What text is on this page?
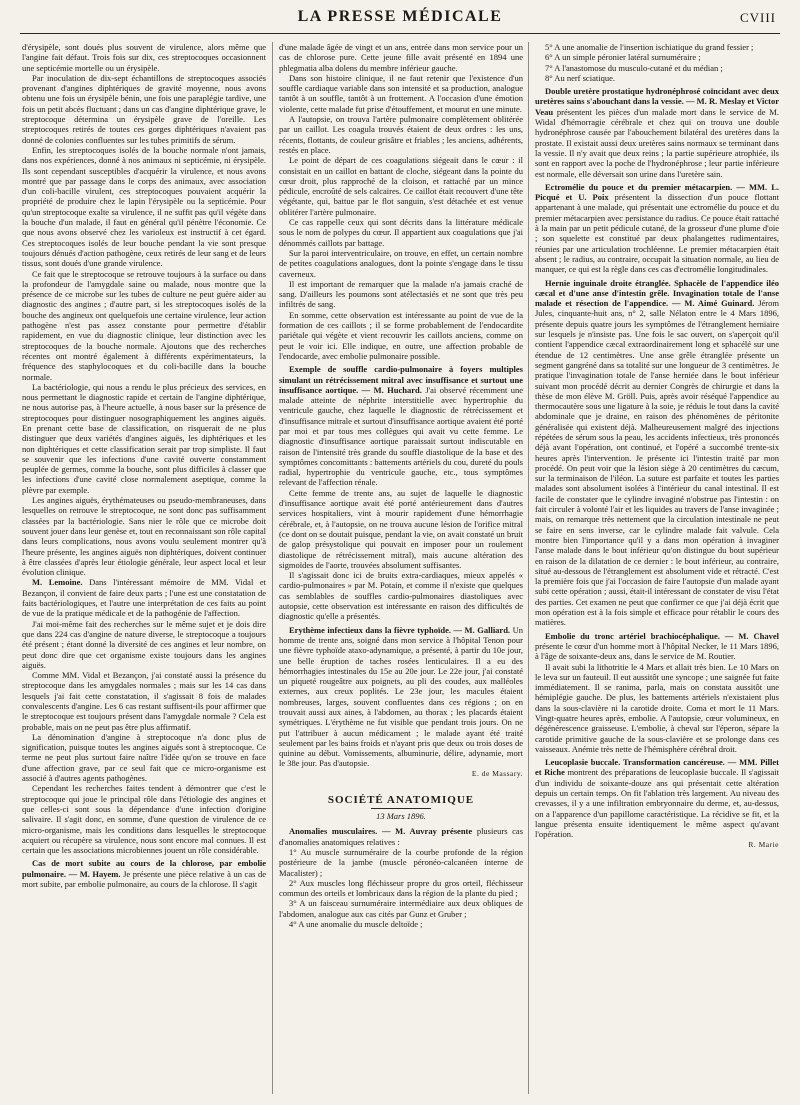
LA PRESSE MÉDICALE	CVIII

d'érysipèle, sont doués plus souvent de virulence, alors même que l'angine fait défaut. Trois fois sur dix, ces streptocoques occasionnent une septicémie mortelle ou un érysipèle.

Par inoculation de dix-sept échantillons de streptocoques associés provenant d'angines diphtériques de gravité moyenne, nous avons obtenu une fois un érysipèle bénin, une fois une paraplégie tardive, une fois un petit abcès fluctuant ; dans un cas d'angine diphtérique grave, le streptocoque détermina un érysipèle grave de l'oreille. Les streptocoques retirés de toutes ces gorges diphtériques n'avaient pas donné de colonies confluentes sur les tubes primitifs de sérum.

Enfin, les streptocoques isolés de la bouche normale n'ont jamais, dans nos expériences, donné à nos animaux ni septicémie, ni érysipèle. Ils sont cependant susceptibles d'acquérir la virulence, et nous avons montré que par passage dans le corps des animaux, avec association d'un coli-bacille virulent, ces streptocoques pouvaient acquérir la propriété de produire chez le lapin l'érysipèle ou la septicémie. Pour qu'un streptocoque exalte sa virulence, il ne suffit pas qu'il végète dans la bouche d'un malade, il faut en général qu'il pénètre l'économie. Ce que nous avons observé chez les varioleux est instructif à cet égard. Ces streptocoques isolés de leur bouche pendant la vie sont presque toujours dénués d'action pathogène, ceux retirés de leur sang et de leurs tissus, sont doués d'une grande virulence.

Ce fait que le streptocoque se retrouve toujours à la surface ou dans la profondeur de l'amygdale saine ou malade, nous montre que la présence de ce microbe sur les tubes de culture ne peut guère aider au diagnostic des angines ; d'autre part, si les streptocoques isolés de la bouche des angineux ont quelquefois une certaine virulence, leur action pathogène n'est pas assez constante pour permettre d'établir rapidement, en vue du diagnostic clinique, leur distinction avec les streptocoques de la bouche normale. Ajoutons que des recherches récentes ont montré également à différents expérimentateurs, la fréquence des staphylocoques et du coli-bacille dans la bouche normale.

La bactériologie, qui nous a rendu le plus précieux des services, en nous permettant le diagnostic rapide et certain de l'angine diphtérique, ne nous autorise pas, à l'heure actuelle, à nous baser sur la présence de streptocoques pour distinguer nosographiquement les angines aiguës. En prenant cette base de classification, on risquerait de ne plus distinguer que deux variétés d'angines aiguës, les diphtériques et les non diphtériques et cette classification serait par trop simpliste. Il faut se souvenir que les infections d'une cavité ouverte constamment peuplée de germes, comme la bouche, sont plus difficiles à classer que les infections d'une cavité close normalement aseptique, comme la plèvre par exemple.

Les angines aiguës, érythémateuses ou pseudo-membraneuses, dans lesquelles on retrouve le streptocoque, ne sont donc pas suffisamment classées par la bactériologie. Sans nier le rôle que ce microbe doit souvent jouer dans leur genèse et, tout en reconnaissant son rôle capital dans leurs complications, nous avons voulu seulement montrer qu'à l'heure présente, les angines aiguës non diphtériques, doivent continuer à être classées d'après leur étiologie générale, leur aspect local et leur évolution clinique.

M. Lemoine. Dans l'intéressant mémoire de MM. Vidal et Bezançon, il convient de faire deux parts ; l'une est une constatation de faits bactériologiques, et l'autre une interprétation de ces faits au point de vue de la pratique médicale et de la pathogénie de l'affection.

J'ai moi-même fait des recherches sur le même sujet et je dois dire que dans 224 cas d'angine de nature diverse, le streptocoque a toujours été présent ; étant donné la diversité de ces angines et leur nombre, on peut donc dire que cet organisme existe toujours dans les angines aiguës.

Comme MM. Vidal et Bezançon, j'ai constaté aussi la présence du streptocoque dans les amygdales normales ; mais sur les 14 cas dans lesquels j'ai fait cette constatation, il s'agissait 8 fois de malades convalescents d'angine. Les 6 cas restant suffisent-ils pour affirmer que le streptocoque est toujours présent dans l'amygdale normale ? Cela est probable, mais on ne peut pas être plus affirmatif.

La dénomination d'angine à streptocoque n'a donc plus de signification, puisque toutes les angines aiguës sont à streptocoque. Ce terme ne peut plus surtout faire naître l'idée qu'on se trouve en face d'une affection grave, par ce seul fait que ce micro-organisme est associé à d'autres agents pathogènes.

Cependant les recherches faites tendent à démontrer que c'est le streptocoque qui joue le principal rôle dans l'étiologie des angines et que celles-ci sont sous la dépendance d'une infection d'origine salivaire. Il s'agit donc, en somme, d'une question de virulence de ce micro-organisme, mais les conditions dans lesquelles le streptocoque acquiert ou récupère sa virulence, nous sont encore mal connues. Il est certain que les associations microbiennes jouent un rôle considérable.

Cas de mort subite au cours de la chlorose, par embolie pulmonaire. — M. Hayem. Je présente une pièce relative à un cas de mort subite, par embolie pulmonaire, au cours de la chlorose. Il s'agit

d'une malade âgée de vingt et un ans, entrée dans mon service pour un cas de chlorose pure. Cette jeune fille avait présenté en 1894 une phlegmatia alba dolens du membre inférieur gauche.

Dans son histoire clinique, il ne faut retenir que l'existence d'un souffle cardiaque variable dans son intensité et sa production, analogue tantôt à un souffle, tantôt à un frottement. A l'occasion d'une émotion violente, cette malade fut prise d'étouffement, et mourut en une minute.

A l'autopsie, on trouva l'artère pulmonaire complètement oblitérée par un caillot. Les coagula trouvés étaient de deux ordres : les uns, récents, flottants, de couleur grisâtre et friables ; les anciens, adhérents, restés en place.

Le point de départ de ces coagulations siégeait dans le cœur : il consistait en un caillot en battant de cloche, siégeant dans la pointe du cœur droit, plus rapproché de la cloison, et rattaché par un mince pédicule, encroûté de sels calcaires. Ce caillot était recouvert d'une tête végétante, qui, battue par le flot sanguin, s'est détachée et est venue oblitérer l'artère pulmonaire.

Ce cas rappelle ceux qui sont décrits dans la littérature médicale sous le nom de polypes du cœur. Il appartient aux coagulations que j'ai dénommés caillots par battage.

Sur la paroi interventriculaire, on trouve, en effet, un certain nombre de petites coagulations analogues, dont la pointe s'engage dans le tissu caverneux.

Il est important de remarquer que la malade n'a jamais craché de sang. D'ailleurs les poumons sont atélectasiés et ne sont que très peu infiltrés de sang.

En somme, cette observation est intéressante au point de vue de la formation de ces caillots ; il se forme probablement de l'endocardite pariétale qui végète et vient recouvrir les caillots anciens, comme on peut le voir ici. Elle indique, en outre, une affection probable de l'endocarde, avec embolie pulmonaire possible.

Exemple de souffle cardio-pulmonaire à foyers multiples simulant un rétrécissement mitral avec insuffisance et surtout une insuffisance aortique. — M. Huchard. J'ai observé récemment une malade atteinte de néphrite interstitielle avec hypertrophie du ventricule gauche, chez laquelle le diagnostic de rétrécissement et d'insuffisance mitrale et surtout d'insuffisance aortique avaient été porté par moi et par tous mes collègues qui avait vu cette femme. Le diagnostic d'insuffisance aortique paraissait surtout indiscutable en raison de l'intensité très grande du souffle diastolique de la base et des symptômes concomittants : battements artériels du cou, dureté du pouls radial, hypertrophie du ventricule gauche, etc., tous symptômes relevant de l'affection rénale.

Cette femme de trente ans, au sujet de laquelle le diagnostic d'insuffisance aortique avait été porté antérieurement dans d'autres services hospitaliers, vint à mourir rapidement d'une hémorrhagie cérébrale, et, à l'autopsie, on ne trouva aucune lésion de l'orifice mitral (ce dont on se doutait puisque, pendant la vie, on avait constaté un bruit de galop présystolique qui pouvait en imposer pour un roulement diastolique de rétrécissement mitral), mais aucune altération des sigmoïdes de l'aorte, trouvées absolument suffisantes.

Il s'agissait donc ici de bruits extra-cardiaques, mieux appelés « cardio-pulmonaires » par M. Potain, et comme il n'existe que quelques cas semblables de souffles cardio-pulmonaires diastoliques avec autopsie, cette observation est intéressante en raison des difficultés de diagnostic qu'elle a présentés.

Erythème infectieux dans la fièvre typhoïde. — M. Galliard. Un homme de trente ans, soigné dans mon service à l'hôpital Tenon pour une fièvre typhoïde ataxo-adynamique, a présenté, à partir du 10e jour, une belle éruption de taches rosées lenticulaires. Il a eu des hémorrhagies intestinales du 15e au 20e jour. Le 22e jour, j'ai constaté un piqueté rougeâtre aux poignets, au pli des coudes, aux malléoles externes, aux creux poplités. Le 23e jour, les macules étaient nombreuses, larges, souvent confluentes dans ces régions ; on en trouvait aussi aux aines, à l'abdomen, au thorax ; les placards étaient symétriques. L'érythème ne fut visible que pendant trois jours. On ne put l'attribuer à aucun médicament ; le malade ayant été traité seulement par les bains froids et n'ayant pris que deux ou trois doses de quinine au début. Vomissements, albuminurie, délire, adynamie, mort le 38e jour. Pas d'autopsie.

E. de Massary.

SOCIÉTÉ ANATOMIQUE

13 Mars 1896.

Anomalies musculaires. — M. Auvray présente plusieurs cas d'anomalies anatomiques relatives :

1° Au muscle surnuméraire de la courbe profonde de la région postérieure de la jambe (muscle péronéo-calcanéen interne de Macalister) ;

2° Aux muscles long fléchisseur propre du gros orteil, fléchisseur commun des orteils et lombricaux dans la région de la plante du pied ;

3° A un faisceau surnuméraire intermédiaire aux deux obliques de l'abdomen, analogue aux cas cités par Gunz et Gruber ;

4° A une anomalie du muscle deltoïde ;

5° A une anomalie de l'insertion ischiatique du grand fessier ;

6° A un simple péronier latéral surnuméraire ;

7° A l'anastomose du musculo-cutané et du médian ;

8° Au nerf sciatique.

Double uretère prostatique hydronéphrosé coïncidant avec deux uretères sains s'abouchant dans la vessie. — M. R. Meslay et Victor Veau présentent les pièces d'un malade mort dans le service de M. Widal d'hémorragie cérébrale et chez qui on trouva une double hydronéphrose causée par l'abouchement bilatéral des uretères dans la prostate. Il existait aussi deux uretères sains normaux se terminant dans la vessie. Il n'y avait que deux reins ; la partie supérieure atrophiée, ils sont en rapport avec la poche de l'hydronéphrose ; leur partie inférieure est normale, elle déversait son urine dans l'uretère sain.
Ectromélie du pouce et du premier métacarpien. — MM. L. Picqué et U. Poix présentent la dissection d'un pouce flottant appartenant à une malade, qui présentait une ectromélie du pouce et du premier métacarpien avec persistance du radius. Ce pouce était rattaché à la main par un petit pédicule cutané, de la grosseur d'une plume d'oie ; son squelette est constitué par deux phalangettes rudimentaires, réunies par une articulation trochléenne. Le premier métacarpien était absent ; le radius, au contraire, occupait la situation normale, au lieu de manquer, ce qui est la règle dans ces cas d'ectromélie longitudinales.
Hernie inguinale droite étranglée. Sphacèle de l'appendice iléo cæcal et d'une anse d'intestin grêle. Invagination totale de l'anse malade et résection de l'appendice. — M. Aimé Guinard. Jérom Jules, cinquante-huit ans, n° 2, salle Nélaton entre le 4 Mars 1896, présente depuis quatre jours les symptômes de l'étranglement herniaire sur lesquels je n'insiste pas. Une fois le sac ouvert, on s'aperçoit qu'il contient l'appendice cæcal extraordinairement long et sphacélé sur une étendue de 12 centimètres. Une anse grêle étranglée présente un segment gangréné dans sa totalité sur une longueur de 3 centimètres. Je pratique l'invagination totale de l'anse herniée dans le bout inférieur suivant mon procédé décrit au dernier Congrès de chirurgie et dans la thèse de mon élève M. Gröll. Puis, après avoir réséqué l'appendice au thermocautère sous une ligature à la soie, je réduis le tout dans la cavité abdominale que je draine, en raison des phénomènes de péritonite généralisée qui existent déjà. Malheureusement malgré des injections répétées de sérum sous la peau, les accidents infectieux, très prononcés déjà avant l'opération, ont continué, et l'opéré a succombé trente-six heures après l'intervention. Je présente ici l'intestin traité par mon procédé. On peut voir que la lésion siège à 20 centimètres du cæcum, sur la terminaison de l'iléon. La suture est parfaite et toutes les parties malades sont absolument isolées à l'intérieur du canal intestinal. Il est facile de constater que le cylindre invaginé n'obstrue pas l'intestin : on fait circuler à volonté l'air et les liquides au travers de l'anse invaginée ; mais, on remarque très nettement que la circulation intestinale ne peut se faire en sens inverse, car le cylindre malade fait valvule. Cela montre bien l'importance qu'il y a dans mon opération à invaginer l'anse malade dans le bout inférieur qu'on distingue du bout supérieur en raison de la dilatation de ce dernier : le bout inférieur, au contraire, situé au-dessous de l'étranglement est absolument vide et rétracté. C'est la première fois que j'ai l'occasion de faire l'autopsie d'un malade ayant subi cette opération ; aussi, était-il intéressant de constater de visu l'état des parties. Cet examen ne peut que confirmer ce que j'ai déjà écrit que mon opération est à la fois simple et efficace pour rétablir le cours des matières.
Embolie du tronc artériel brachiocéphalique. — M. Chavel présente le cœur d'un homme mort à l'hôpital Necker, le 11 Mars 1896, à l'âge de soixante-deux ans, dans le service de M. Routier.

Il avait subi la lithotritie le 4 Mars et allait très bien. Le 10 Mars on le leva sur un fauteuil. Il eut aussitôt une syncope ; une saignée fut faite immédiatement. Il se ranima, parla, mais on constata aussitôt une hémiplégie gauche. De plus, les battements artériels n'existaient plus dans la sous-clavière ni la carotide droite. Coma et mort le 11 Mars. Vingt-quatre heures après, embolie. A l'autopsie, cœur volumineux, en dégénérescence graisseuse. L'embolie, à cheval sur l'éperon, sépare la carotide primitive gauche de la sous-clavière et se prolonge dans ces vaisseaux. Anémie très nette de l'hémisphère cérébral droit.

Leucoplasie buccale. Transformation cancéreuse. — MM. Pillet et Riche montrent des préparations de leucoplasie buccale. Il s'agissait d'un individu de soixante-douze ans qui présentait cette altération depuis un certain temps. On fit l'ablation très largement. Au niveau des crevasses, il y a une infiltration embryonnaire du derme, et, au-dessus, on a l'apparence d'un papillome caractéristique. La récidive se fit, et la langue présenta ensuite identiquement le même aspect qu'avant l'opération.

R. Marie
